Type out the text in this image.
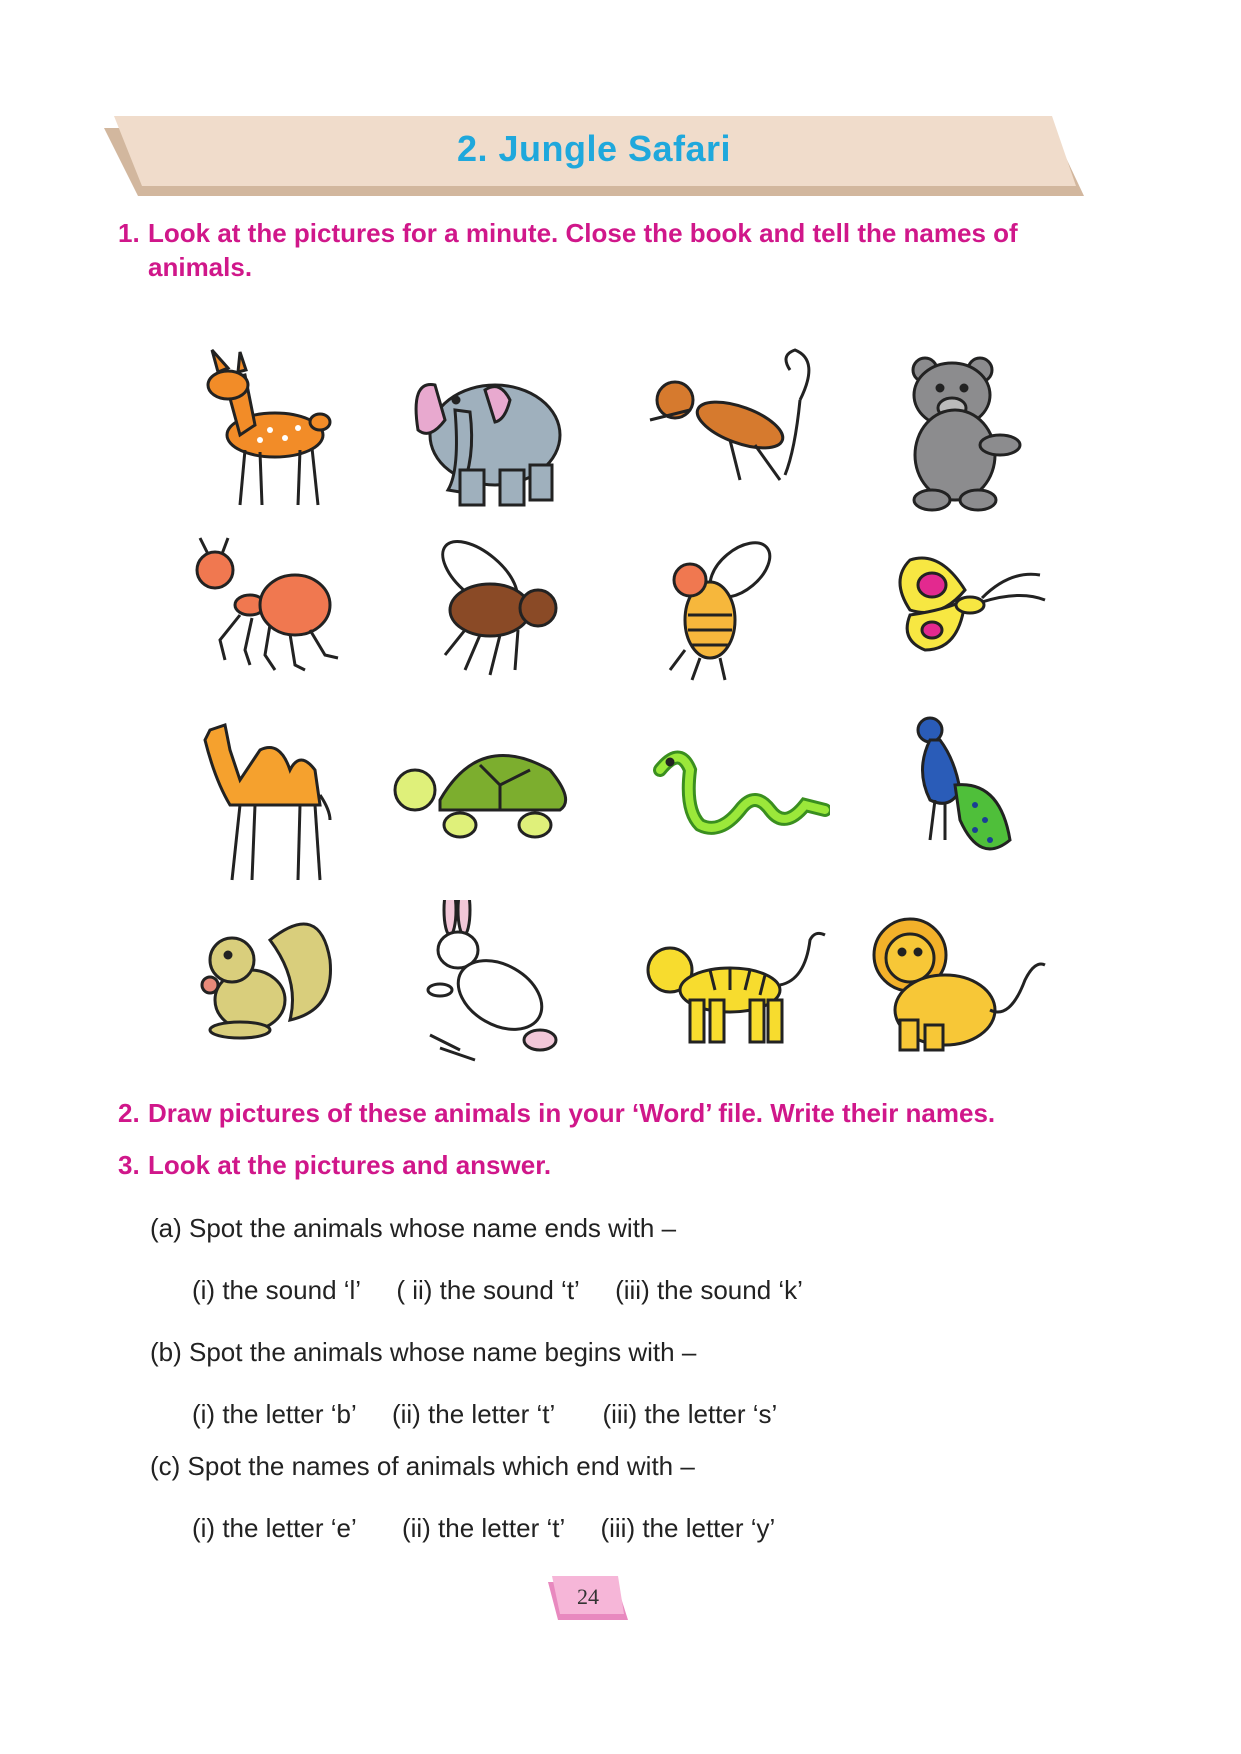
2. Jungle Safari
1. Look at the pictures for a minute. Close the book and tell the names of
animals.
2. Draw pictures of these animals in your ‘Word’ file. Write their names.
3. Look at the pictures and answer.

(a) Spot the animals whose name ends with –

(i) the sound ‘l’ ( ii) the sound ‘t’ (iii) the sound ‘k’

(b) Spot the animals whose name begins with –

(i) the letter ‘b’ (ii) the letter ‘t’ (iii) the letter ‘s’

(c) Spot the names of animals which end with –

(i) the letter ‘e’ (ii) the letter ‘t’ (iii) the letter ‘y’

24
